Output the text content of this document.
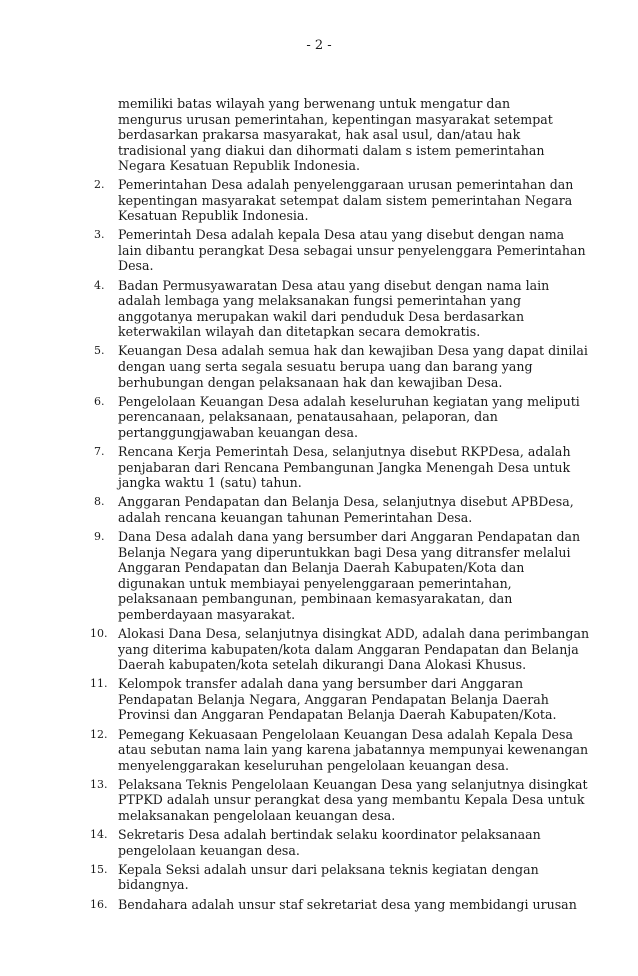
- 2 -
memiliki batas wilayah yang berwenang untuk mengatur dan mengurus urusan pemerintahan, kepentingan masyarakat setempat berdasarkan prakarsa masyarakat, hak asal usul, dan/atau hak tradisional yang diakui dan dihormati dalam s istem pemerintahan Negara Kesatuan Republik Indonesia.
2. Pemerintahan Desa adalah penyelenggaraan urusan pemerintahan dan kepentingan masyarakat setempat dalam sistem pemerintahan Negara Kesatuan Republik Indonesia.
3. Pemerintah Desa adalah kepala Desa atau yang disebut dengan nama lain dibantu perangkat Desa sebagai unsur penyelenggara Pemerintahan Desa.
4. Badan Permusyawaratan Desa atau yang disebut dengan nama lain adalah lembaga yang melaksanakan fungsi pemerintahan yang anggotanya merupakan wakil dari penduduk Desa berdasarkan keterwakilan wilayah dan ditetapkan secara demokratis.
5. Keuangan Desa adalah semua hak dan kewajiban Desa yang dapat dinilai dengan uang serta segala sesuatu berupa uang dan barang yang berhubungan dengan pelaksanaan hak dan kewajiban Desa.
6. Pengelolaan Keuangan Desa adalah keseluruhan kegiatan yang meliputi perencanaan, pelaksanaan, penatausahaan, pelaporan, dan pertanggungjawaban keuangan desa.
7. Rencana Kerja Pemerintah Desa, selanjutnya disebut RKPDesa, adalah penjabaran dari Rencana Pembangunan Jangka Menengah Desa untuk jangka waktu 1 (satu) tahun.
8. Anggaran Pendapatan dan Belanja Desa, selanjutnya disebut APBDesa, adalah rencana keuangan tahunan Pemerintahan Desa.
9. Dana Desa adalah dana yang bersumber dari Anggaran Pendapatan dan Belanja Negara yang diperuntukkan bagi Desa yang ditransfer melalui Anggaran Pendapatan dan Belanja Daerah Kabupaten/Kota dan digunakan untuk membiayai penyelenggaraan pemerintahan, pelaksanaan pembangunan, pembinaan kemasyarakatan, dan pemberdayaan masyarakat.
10. Alokasi Dana Desa, selanjutnya disingkat ADD, adalah dana perimbangan yang diterima kabupaten/kota dalam Anggaran Pendapatan dan Belanja Daerah kabupaten/kota setelah dikurangi Dana Alokasi Khusus.
11. Kelompok transfer adalah dana yang bersumber dari Anggaran Pendapatan Belanja Negara, Anggaran Pendapatan Belanja Daerah Provinsi dan Anggaran Pendapatan Belanja Daerah Kabupaten/Kota.
12. Pemegang Kekuasaan Pengelolaan Keuangan Desa adalah Kepala Desa atau sebutan nama lain yang karena jabatannya mempunyai kewenangan menyelenggarakan keseluruhan pengelolaan keuangan desa.
13. Pelaksana Teknis Pengelolaan Keuangan Desa yang selanjutnya disingkat PTPKD adalah unsur perangkat desa yang membantu Kepala Desa untuk melaksanakan pengelolaan keuangan desa.
14. Sekretaris Desa adalah bertindak selaku koordinator pelaksanaan pengelolaan keuangan desa.
15. Kepala Seksi adalah unsur dari pelaksana teknis kegiatan dengan bidangnya.
16. Bendahara adalah unsur staf sekretariat desa yang membidangi urusan
